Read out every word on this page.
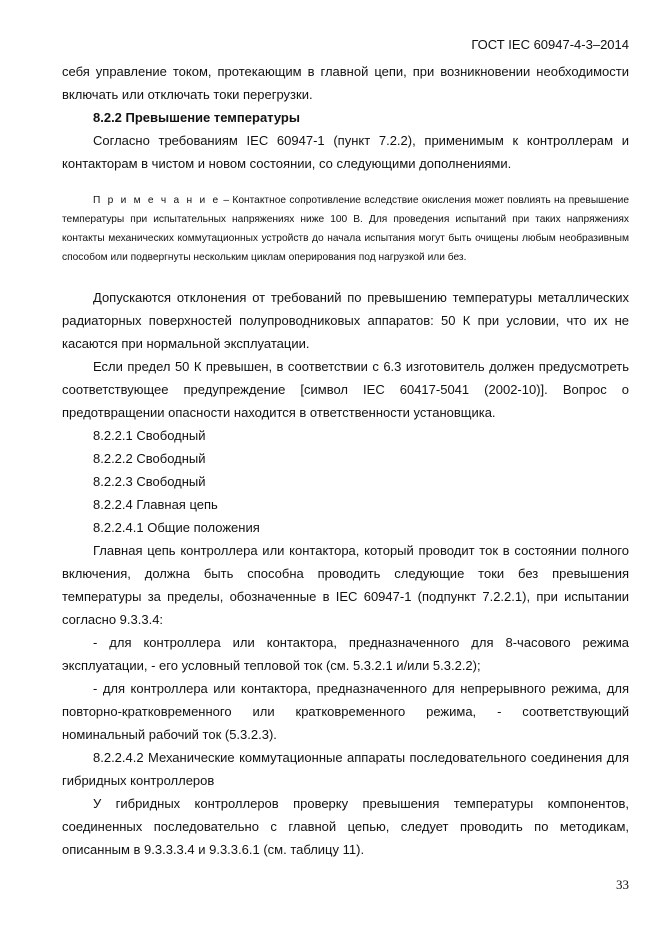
ГОСТ IEC 60947-4-3–2014

себя управление током, протекающим в главной цепи, при возникновении необходимости включать или отключать токи перегрузки.

8.2.2 Превышение температуры

Согласно требованиям IEC 60947-1 (пункт 7.2.2), применимым к контроллерам и контакторам в чистом и новом состоянии, со следующими дополнениями.

П р и м е ч а н и е – Контактное сопротивление вследствие окисления может повлиять на превышение температуры при испытательных напряжениях ниже 100 В. Для проведения испытаний при таких напряжениях контакты механических коммутационных устройств до начала испытания могут быть очищены любым необразивным способом или подвергнуты нескольким циклам оперирования под нагрузкой или без.

Допускаются отклонения от требований по превышению температуры металлических радиаторных поверхностей полупроводниковых аппаратов: 50 К при условии, что их не касаются при нормальной эксплуатации.

Если предел 50 К превышен, в соответствии с 6.3 изготовитель должен предусмотреть соответствующее предупреждение [символ IEC 60417-5041 (2002-10)]. Вопрос о предотвращении опасности находится в ответственности установщика.

8.2.2.1 Свободный

8.2.2.2 Свободный

8.2.2.3 Свободный

8.2.2.4 Главная цепь

8.2.2.4.1 Общие положения

Главная цепь контроллера или контактора, который проводит ток в состоянии полного включения, должна быть способна проводить следующие токи без превышения температуры за пределы, обозначенные в IEC 60947-1 (подпункт 7.2.2.1), при испытании согласно 9.3.3.4:

- для контроллера или контактора, предназначенного для 8-часового режима эксплуатации, - его условный тепловой ток (см. 5.3.2.1 и/или 5.3.2.2);

- для контроллера или контактора, предназначенного для непрерывного режима, для повторно-кратковременного или кратковременного режима, - соответствующий номинальный рабочий ток (5.3.2.3).

8.2.2.4.2 Механические коммутационные аппараты последовательного соединения для гибридных контроллеров

У гибридных контроллеров проверку превышения температуры компонентов, соединенных последовательно с главной цепью, следует проводить по методикам, описанным в 9.3.3.3.4 и 9.3.3.6.1 (см. таблицу 11).

33
